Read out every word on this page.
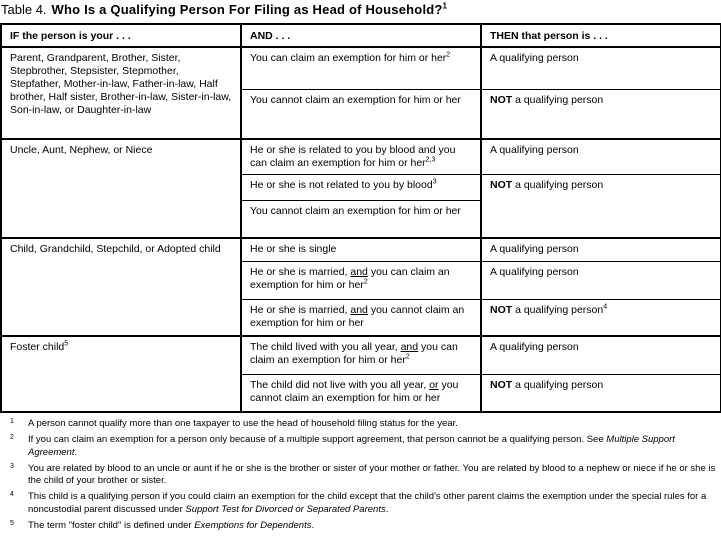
Table 4. Who Is a Qualifying Person For Filing as Head of Household?$^1$
IF the person is your . . .	AND . . .	THEN that person is . . .
Parent, Grandparent, Brother, Sister, Stepbrother, Stepsister, Stepmother, Stepfather, Mother-in-law, Father-in-law, Half brother, Half sister, Brother-in-law, Sister-in-law, Son-in-law, or Daughter-in-law	You can claim an exemption for him or her$^2$	A qualifying person
	You cannot claim an exemption for him or her	NOT a qualifying person
Uncle, Aunt, Nephew, or Niece	He or she is related to you by blood and you can claim an exemption for him or her$^{2,3}$	A qualifying person
	He or she is not related to you by blood$^3$	NOT a qualifying person
	You cannot claim an exemption for him or her	
Child, Grandchild, Stepchild, or Adopted child	He or she is single	A qualifying person
	He or she is married, and you can claim an exemption for him or her$^2$	A qualifying person
	He or she is married, and you cannot claim an exemption for him or her	NOT a qualifying person$^4$
Foster child$^5$	The child lived with you all year, and you can claim an exemption for him or her$^2$	A qualifying person
	The child did not live with you all year, or you cannot claim an exemption for him or her	NOT a qualifying person
1	A person cannot qualify more than one taxpayer to use the head of household filing status for the year.
2	If you can claim an exemption for a person only because of a multiple support agreement, that person cannot be a qualifying person. See Multiple Support Agreement.
3	You are related by blood to an uncle or aunt if he or she is the brother or sister of your mother or father. You are related by blood to a nephew or niece if he or she is the child of your brother or sister.
4	This child is a qualifying person if you could claim an exemption for the child except that the child's other parent claims the exemption under the special rules for a noncustodial parent discussed under Support Test for Divorced or Separated Parents.
5	The term "foster child" is defined under Exemptions for Dependents.
